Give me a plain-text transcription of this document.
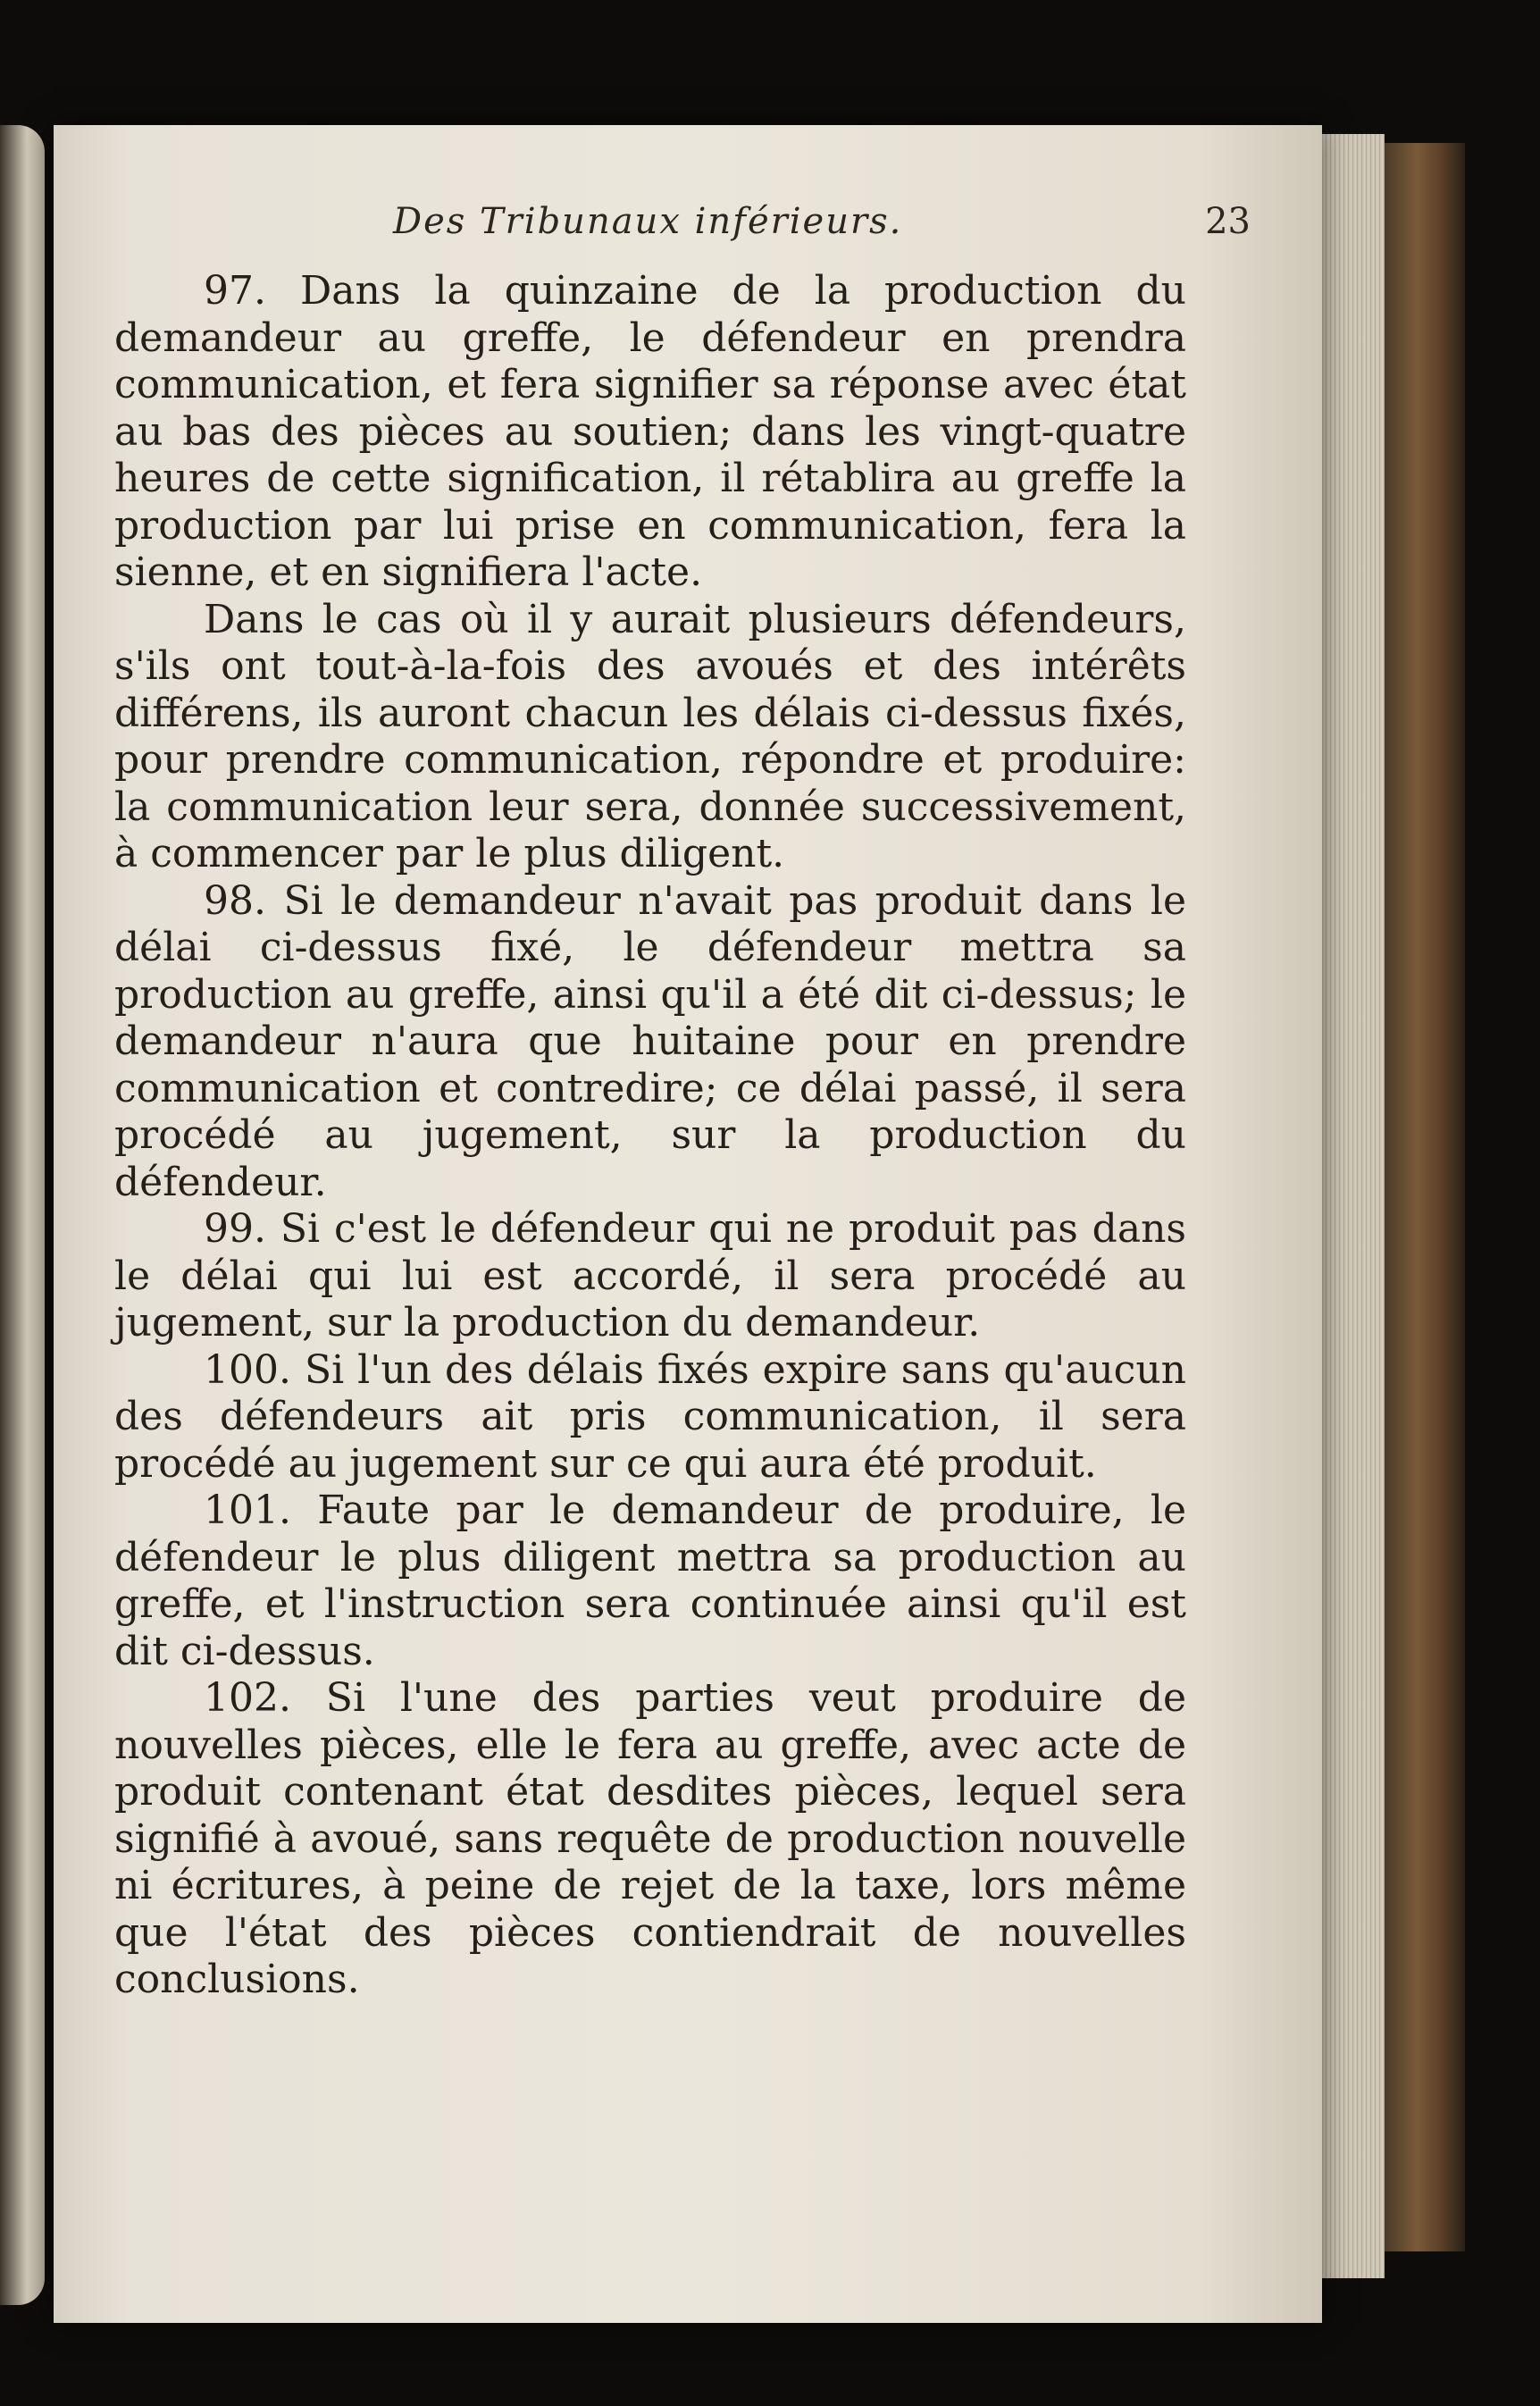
Des Tribunaux inférieurs.	23

97. Dans la quinzaine de la production du demandeur au greffe, le défendeur en prendra communication, et fera signifier sa réponse avec état au bas des pièces au soutien; dans les vingt-quatre heures de cette signification, il rétablira au greffe la production par lui prise en communication, fera la sienne, et en signifiera l'acte.

Dans le cas où il y aurait plusieurs défendeurs, s'ils ont tout-à-la-fois des avoués et des intérêts différens, ils auront chacun les délais ci-dessus fixés, pour prendre communication, répondre et produire: la communication leur sera, donnée successivement, à commencer par le plus diligent.

98. Si le demandeur n'avait pas produit dans le délai ci-dessus fixé, le défendeur mettra sa production au greffe, ainsi qu'il a été dit ci-dessus; le demandeur n'aura que huitaine pour en prendre communication et contredire; ce délai passé, il sera procédé au jugement, sur la production du défendeur.

99. Si c'est le défendeur qui ne produit pas dans le délai qui lui est accordé, il sera procédé au jugement, sur la production du demandeur.

100. Si l'un des délais fixés expire sans qu'aucun des défendeurs ait pris communication, il sera procédé au jugement sur ce qui aura été produit.

101. Faute par le demandeur de produire, le défendeur le plus diligent mettra sa production au greffe, et l'instruction sera continuée ainsi qu'il est dit ci-dessus.

102. Si l'une des parties veut produire de nouvelles pièces, elle le fera au greffe, avec acte de produit contenant état desdites pièces, lequel sera signifié à avoué, sans requête de production nouvelle ni écritures, à peine de rejet de la taxe, lors même que l'état des pièces contiendrait de nouvelles conclusions.
